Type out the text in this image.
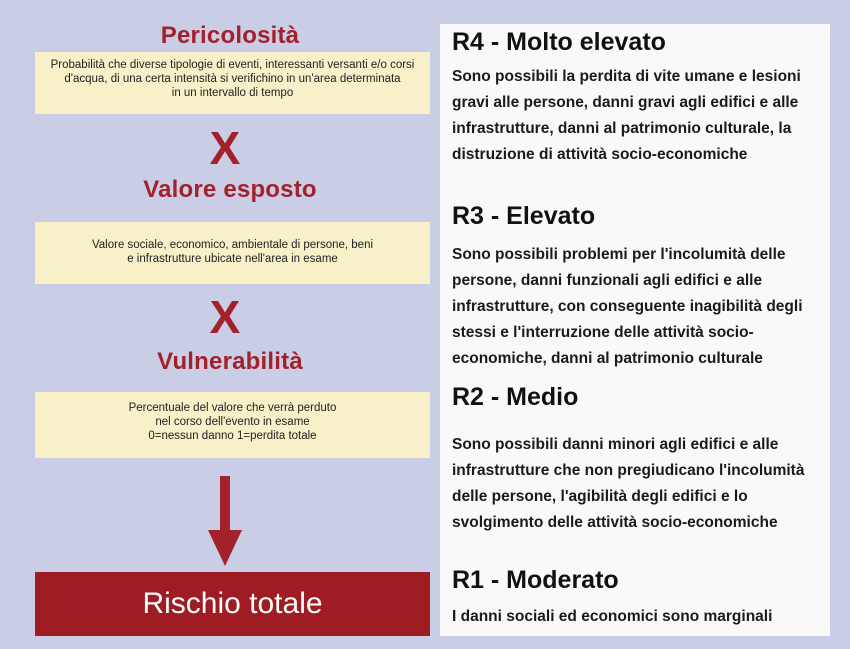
Pericolosità
Probabilità che diverse tipologie di eventi, interessanti versanti e/o corsi
d'acqua, di una certa intensità si verifichino in un'area determinata
in un intervallo di tempo
X
Valore esposto
Valore sociale, economico, ambientale di persone, beni
e infrastrutture ubicate nell'area in esame
X
Vulnerabilità
Percentuale del valore che verrà perduto
nel corso dell'evento in esame
0=nessun danno 1=perdita totale
Rischio totale
R4 - Molto elevato
Sono possibili la perdita di vite umane e lesioni gravi alle persone, danni gravi agli edifici e alle infrastrutture, danni al patrimonio culturale, la distruzione di attività socio-economiche
R3 - Elevato
Sono possibili problemi per l'incolumità delle persone, danni funzionali agli edifici e alle infrastrutture, con conseguente inagibilità degli stessi e l'interruzione delle attività socio-economiche, danni al patrimonio culturale
R2 - Medio
Sono possibili danni minori agli edifici e alle infrastrutture che non pregiudicano l'incolumità delle persone, l'agibilità degli edifici e lo svolgimento delle attività socio-economiche
R1 - Moderato
I danni sociali ed economici sono marginali
